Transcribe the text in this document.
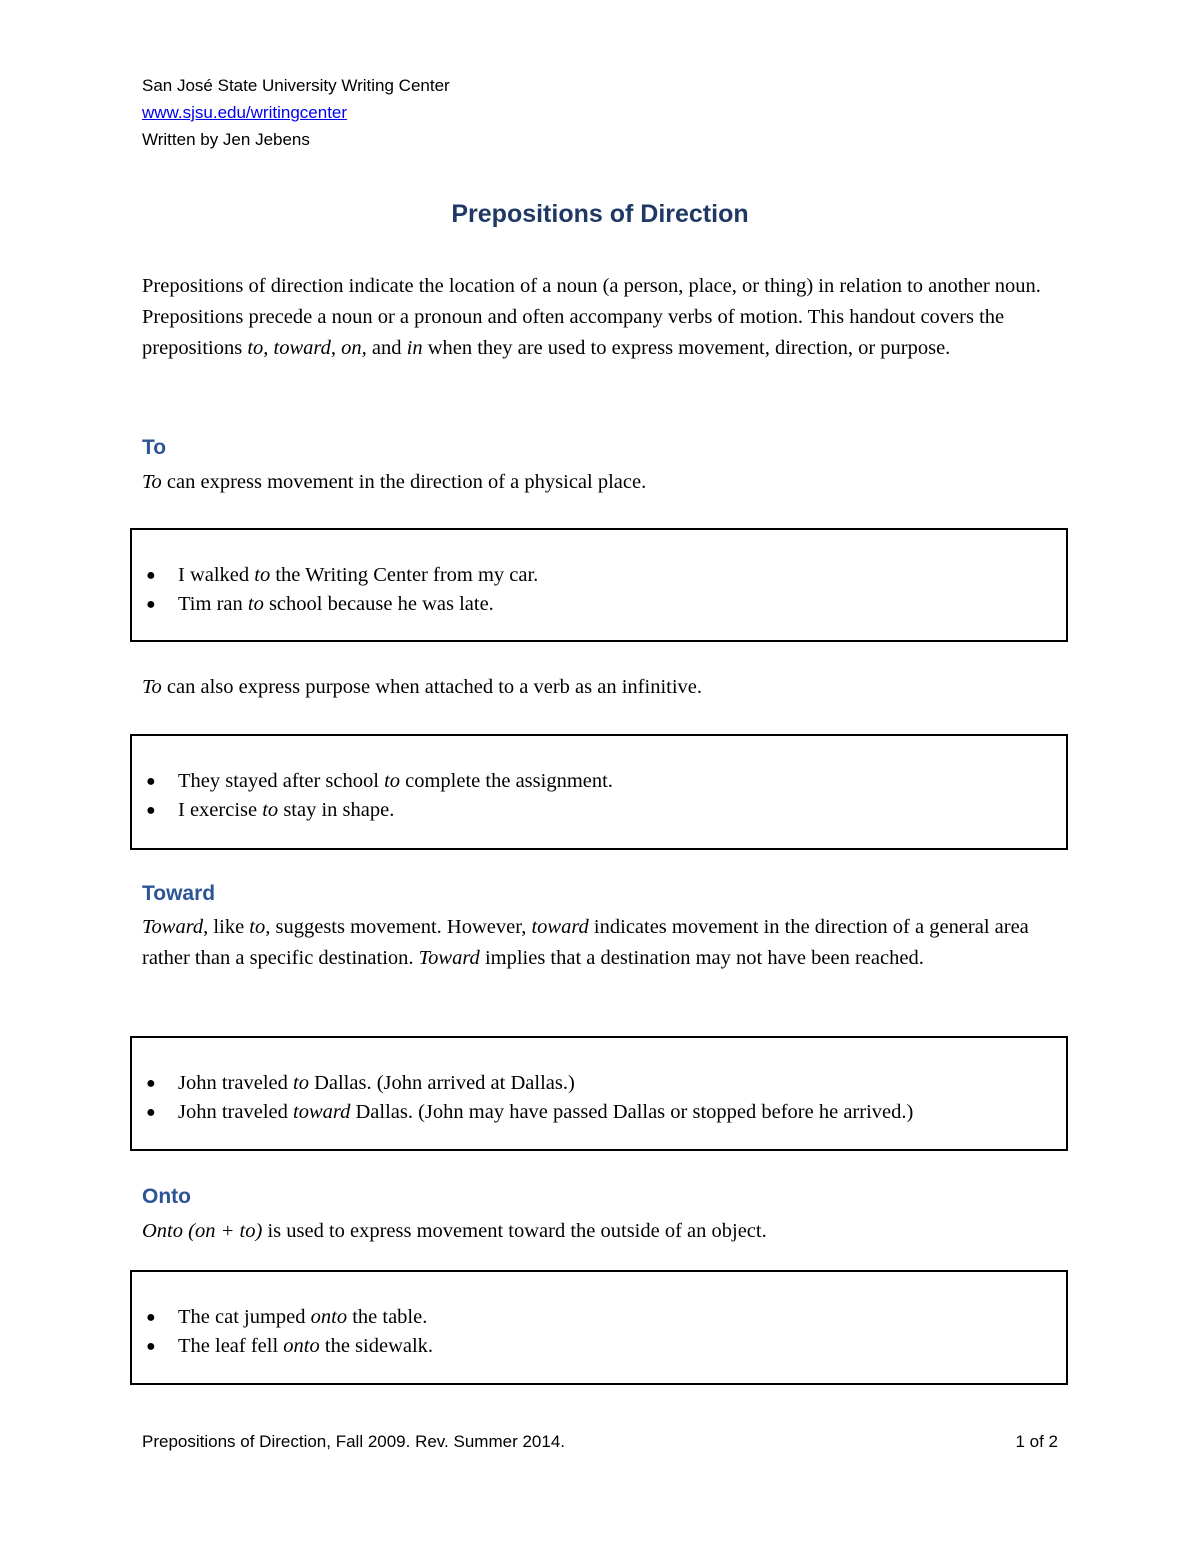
San José State University Writing Center
www.sjsu.edu/writingcenter
Written by Jen Jebens
Prepositions of Direction
Prepositions of direction indicate the location of a noun (a person, place, or thing) in relation to another noun. Prepositions precede a noun or a pronoun and often accompany verbs of motion. This handout covers the prepositions to, toward, on, and in when they are used to express movement, direction, or purpose.
To
To can express movement in the direction of a physical place.
● I walked to the Writing Center from my car.
● Tim ran to school because he was late.
To can also express purpose when attached to a verb as an infinitive.
● They stayed after school to complete the assignment.
● I exercise to stay in shape.
Toward
Toward, like to, suggests movement. However, toward indicates movement in the direction of a general area rather than a specific destination. Toward implies that a destination may not have been reached.
● John traveled to Dallas. (John arrived at Dallas.)
● John traveled toward Dallas. (John may have passed Dallas or stopped before he arrived.)
Onto
Onto (on + to) is used to express movement toward the outside of an object.
● The cat jumped onto the table.
● The leaf fell onto the sidewalk.
Prepositions of Direction, Fall 2009. Rev. Summer 2014.	1 of 2
